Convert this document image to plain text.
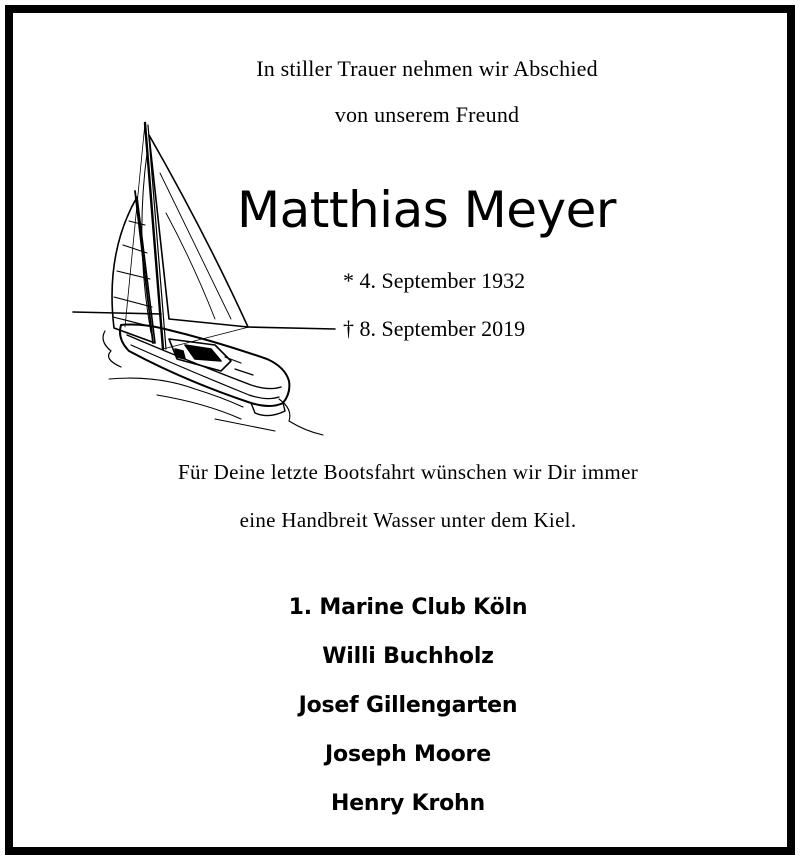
In stiller Trauer nehmen wir Abschied
von unserem Freund
Matthias Meyer
* 4. September 1932
† 8. September 2019
Für Deine letzte Bootsfahrt wünschen wir Dir immer
eine Handbreit Wasser unter dem Kiel.
1. Marine Club Köln
Willi Buchholz
Josef Gillengarten
Joseph Moore
Henry Krohn
